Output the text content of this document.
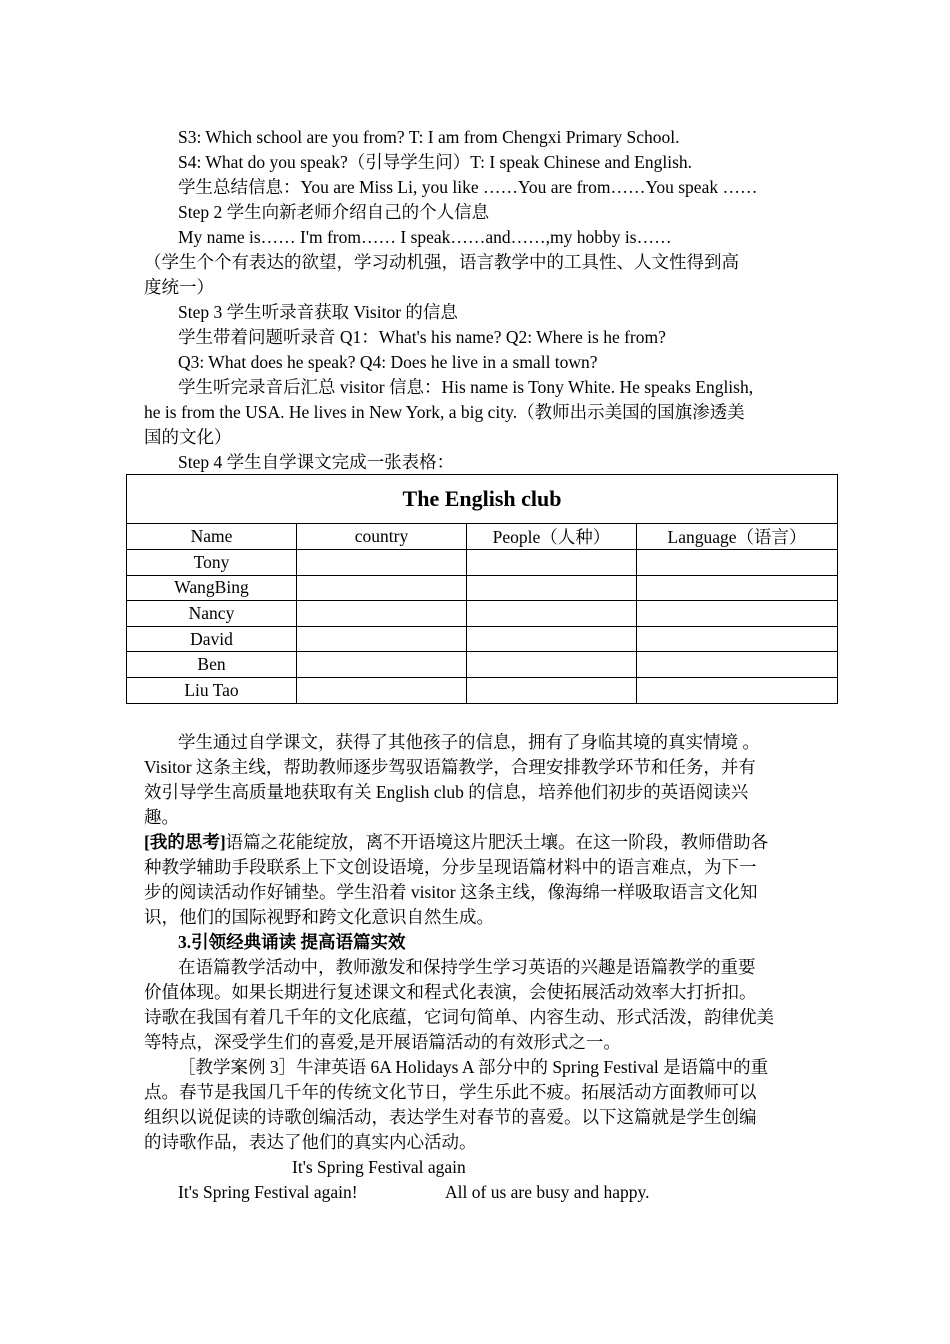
S3: Which school are you from? T: I am from Chengxi Primary School.
S4: What do you speak?（引导学生问）T: I speak Chinese and English.
学生总结信息：You are Miss Li, you like ……You are from……You speak ……
Step 2 学生向新老师介绍自己的个人信息
My name is…… I'm from…… I speak……and……,my hobby is……
（学生个个有表达的欲望，学习动机强，语言教学中的工具性、人文性得到高
度统一）
Step 3 学生听录音获取 Visitor 的信息
学生带着问题听录音 Q1：What's his name? Q2: Where is he from?
Q3: What does he speak? Q4: Does he live in a small town?
学生听完录音后汇总 visitor 信息：His name is Tony White. He speaks English,
he is from the USA. He lives in New York, a big city.（教师出示美国的国旗渗透美
国的文化）
Step 4 学生自学课文完成一张表格：
The English club			
Name	country	People（人种）	Language（语言）
Tony			
WangBing			
Nancy			
David			
Ben			
Liu Tao			
学生通过自学课文，获得了其他孩子的信息，拥有了身临其境的真实情境 。
Visitor 这条主线，帮助教师逐步驾驭语篇教学，合理安排教学环节和任务，并有
效引导学生高质量地获取有关 English club 的信息，培养他们初步的英语阅读兴
趣。
[我的思考]语篇之花能绽放，离不开语境这片肥沃土壤。在这一阶段，教师借助各
种教学辅助手段联系上下文创设语境，分步呈现语篇材料中的语言难点，为下一
步的阅读活动作好铺垫。学生沿着 visitor 这条主线，像海绵一样吸取语言文化知
识，他们的国际视野和跨文化意识自然生成。
3.引领经典诵读 提高语篇实效
在语篇教学活动中，教师激发和保持学生学习英语的兴趣是语篇教学的重要
价值体现。如果长期进行复述课文和程式化表演，会使拓展活动效率大打折扣。
诗歌在我国有着几千年的文化底蕴，它词句简单、内容生动、形式活泼，韵律优美
等特点，深受学生们的喜爱,是开展语篇活动的有效形式之一。
［教学案例 3］牛津英语 6A Holidays A 部分中的 Spring Festival 是语篇中的重
点。春节是我国几千年的传统文化节日，学生乐此不疲。拓展活动方面教师可以
组织以说促读的诗歌创编活动，表达学生对春节的喜爱。以下这篇就是学生创编
的诗歌作品，表达了他们的真实内心活动。
It's Spring Festival again
It's Spring Festival again!	All of us are busy and happy.
